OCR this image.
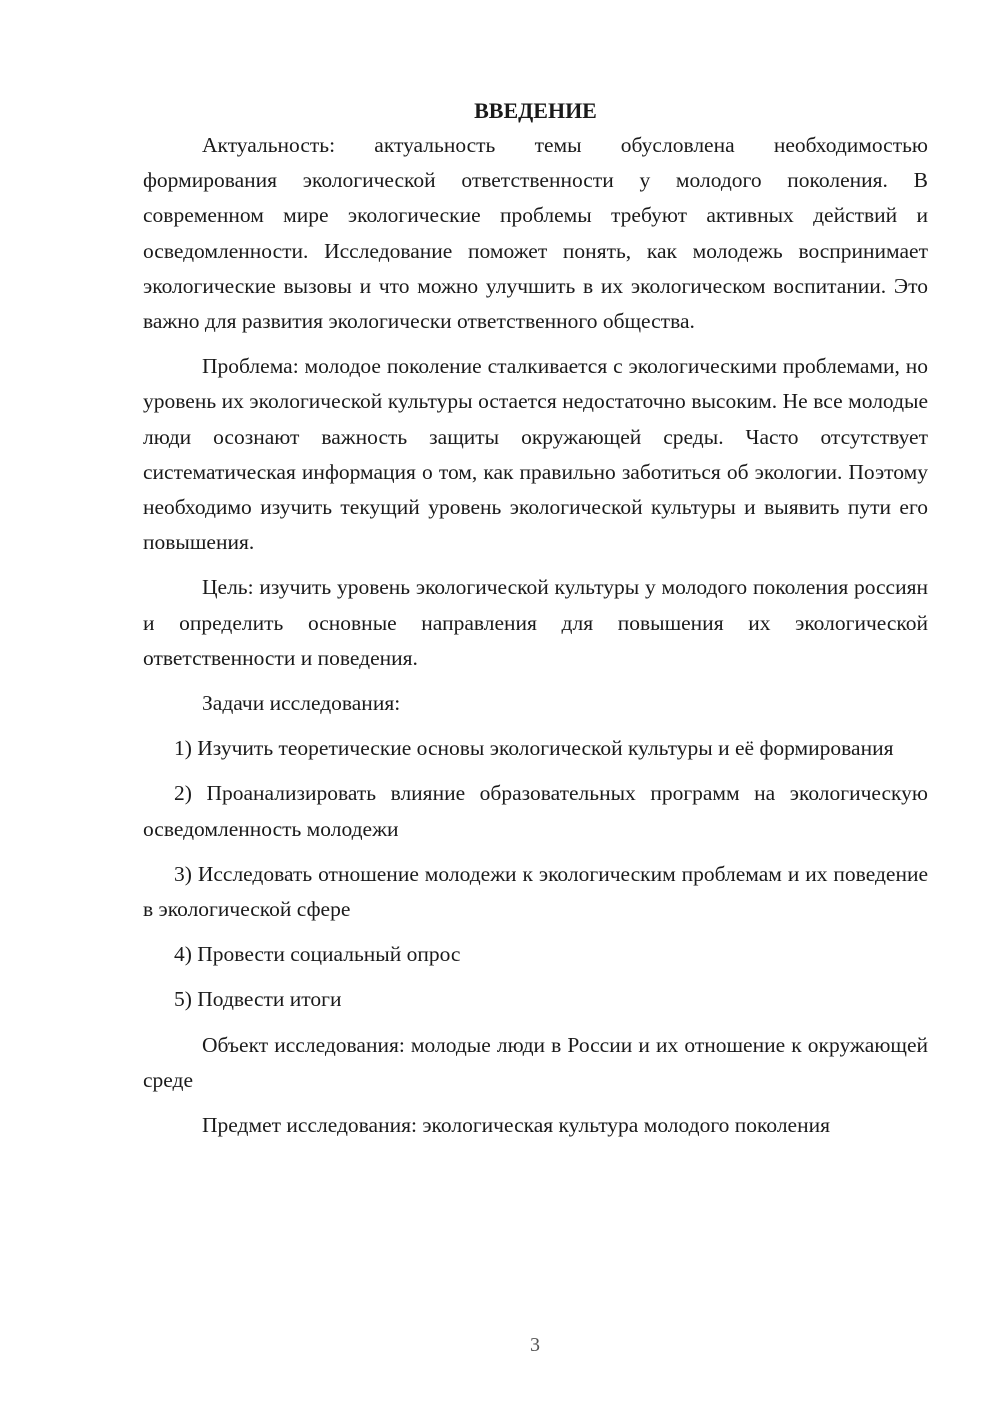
ВВЕДЕНИЕ

Актуальность: актуальность темы обусловлена необходимостью формирования экологической ответственности у молодого поколения. В современном мире экологические проблемы требуют активных действий и осведомленности. Исследование поможет понять, как молодежь воспринимает экологические вызовы и что можно улучшить в их экологическом воспитании. Это важно для развития экологически ответственного общества.

Проблема: молодое поколение сталкивается с экологическими проблемами, но уровень их экологической культуры остается недостаточно высоким. Не все молодые люди осознают важность защиты окружающей среды. Часто отсутствует систематическая информация о том, как правильно заботиться об экологии. Поэтому необходимо изучить текущий уровень экологической культуры и выявить пути его повышения.

Цель: изучить уровень экологической культуры у молодого поколения россиян и определить основные направления для повышения их экологической ответственности и поведения.

Задачи исследования:

1) Изучить теоретические основы экологической культуры и её формирования

2) Проанализировать влияние образовательных программ на экологическую осведомленность молодежи

3) Исследовать отношение молодежи к экологическим проблемам и их поведение в экологической сфере

4) Провести социальный опрос

5) Подвести итоги

Объект исследования: молодые люди в России и их отношение к окружающей среде

Предмет исследования: экологическая культура молодого поколения

3
